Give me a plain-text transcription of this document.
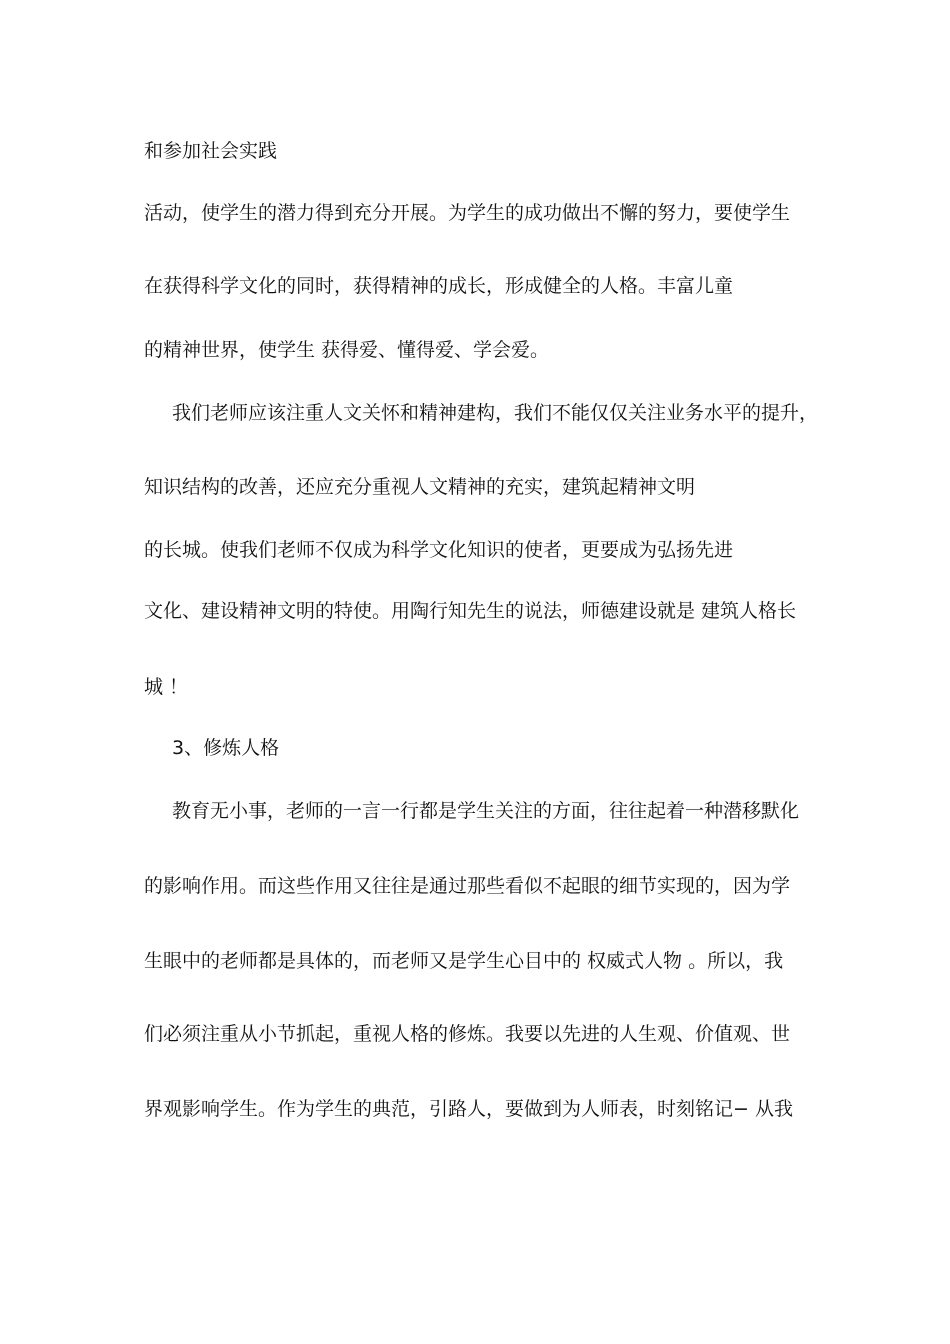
和参加社会实践
活动，使学生的潜力得到充分开展。为学生的成功做出不懈的努力，要使学生
在获得科学文化的同时，获得精神的成长，形成健全的人格。丰富儿童
的精神世界，使学生 获得爱、懂得爱、学会爱。
我们老师应该注重人文关怀和精神建构，我们不能仅仅关注业务水平的提升，
知识结构的改善，还应充分重视人文精神的充实，建筑起精神文明
的长城。使我们老师不仅成为科学文化知识的使者，更要成为弘扬先进
文化、建设精神文明的特使。用陶行知先生的说法，师德建设就是 建筑人格长
城 ！
3、修炼人格
教育无小事，老师的一言一行都是学生关注的方面，往往起着一种潜移默化
的影响作用。而这些作用又往往是通过那些看似不起眼的细节实现的，因为学
生眼中的老师都是具体的，而老师又是学生心目中的 权威式人物 。所以，我
们必须注重从小节抓起，重视人格的修炼。我要以先进的人生观、价值观、世
界观影响学生。作为学生的典范，引路人，要做到为人师表，时刻铭记− 从我
